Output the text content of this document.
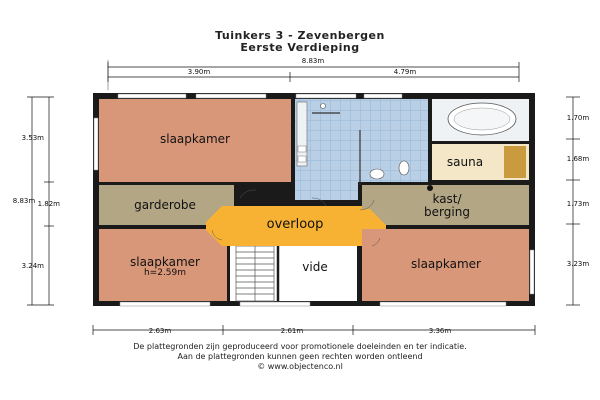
Tuinkers 3 - Zevenbergen
Eerste Verdieping
8.83m
3.90m	4.79m
2.63m	2.61m	3.36m
8.83m
3.53m
1.82m
3.24m
1.70m
1.68m
1.73m
3.23m
slaapkamer
garderobe
slaapkamer
h=2.59m	vide
overloop
sauna
kast/
berging
slaapkamer
De plattegronden zijn geproduceerd voor promotionele doeleinden en ter indicatie.
Aan de plattegronden kunnen geen rechten worden ontleend
© www.objectenco.nl
